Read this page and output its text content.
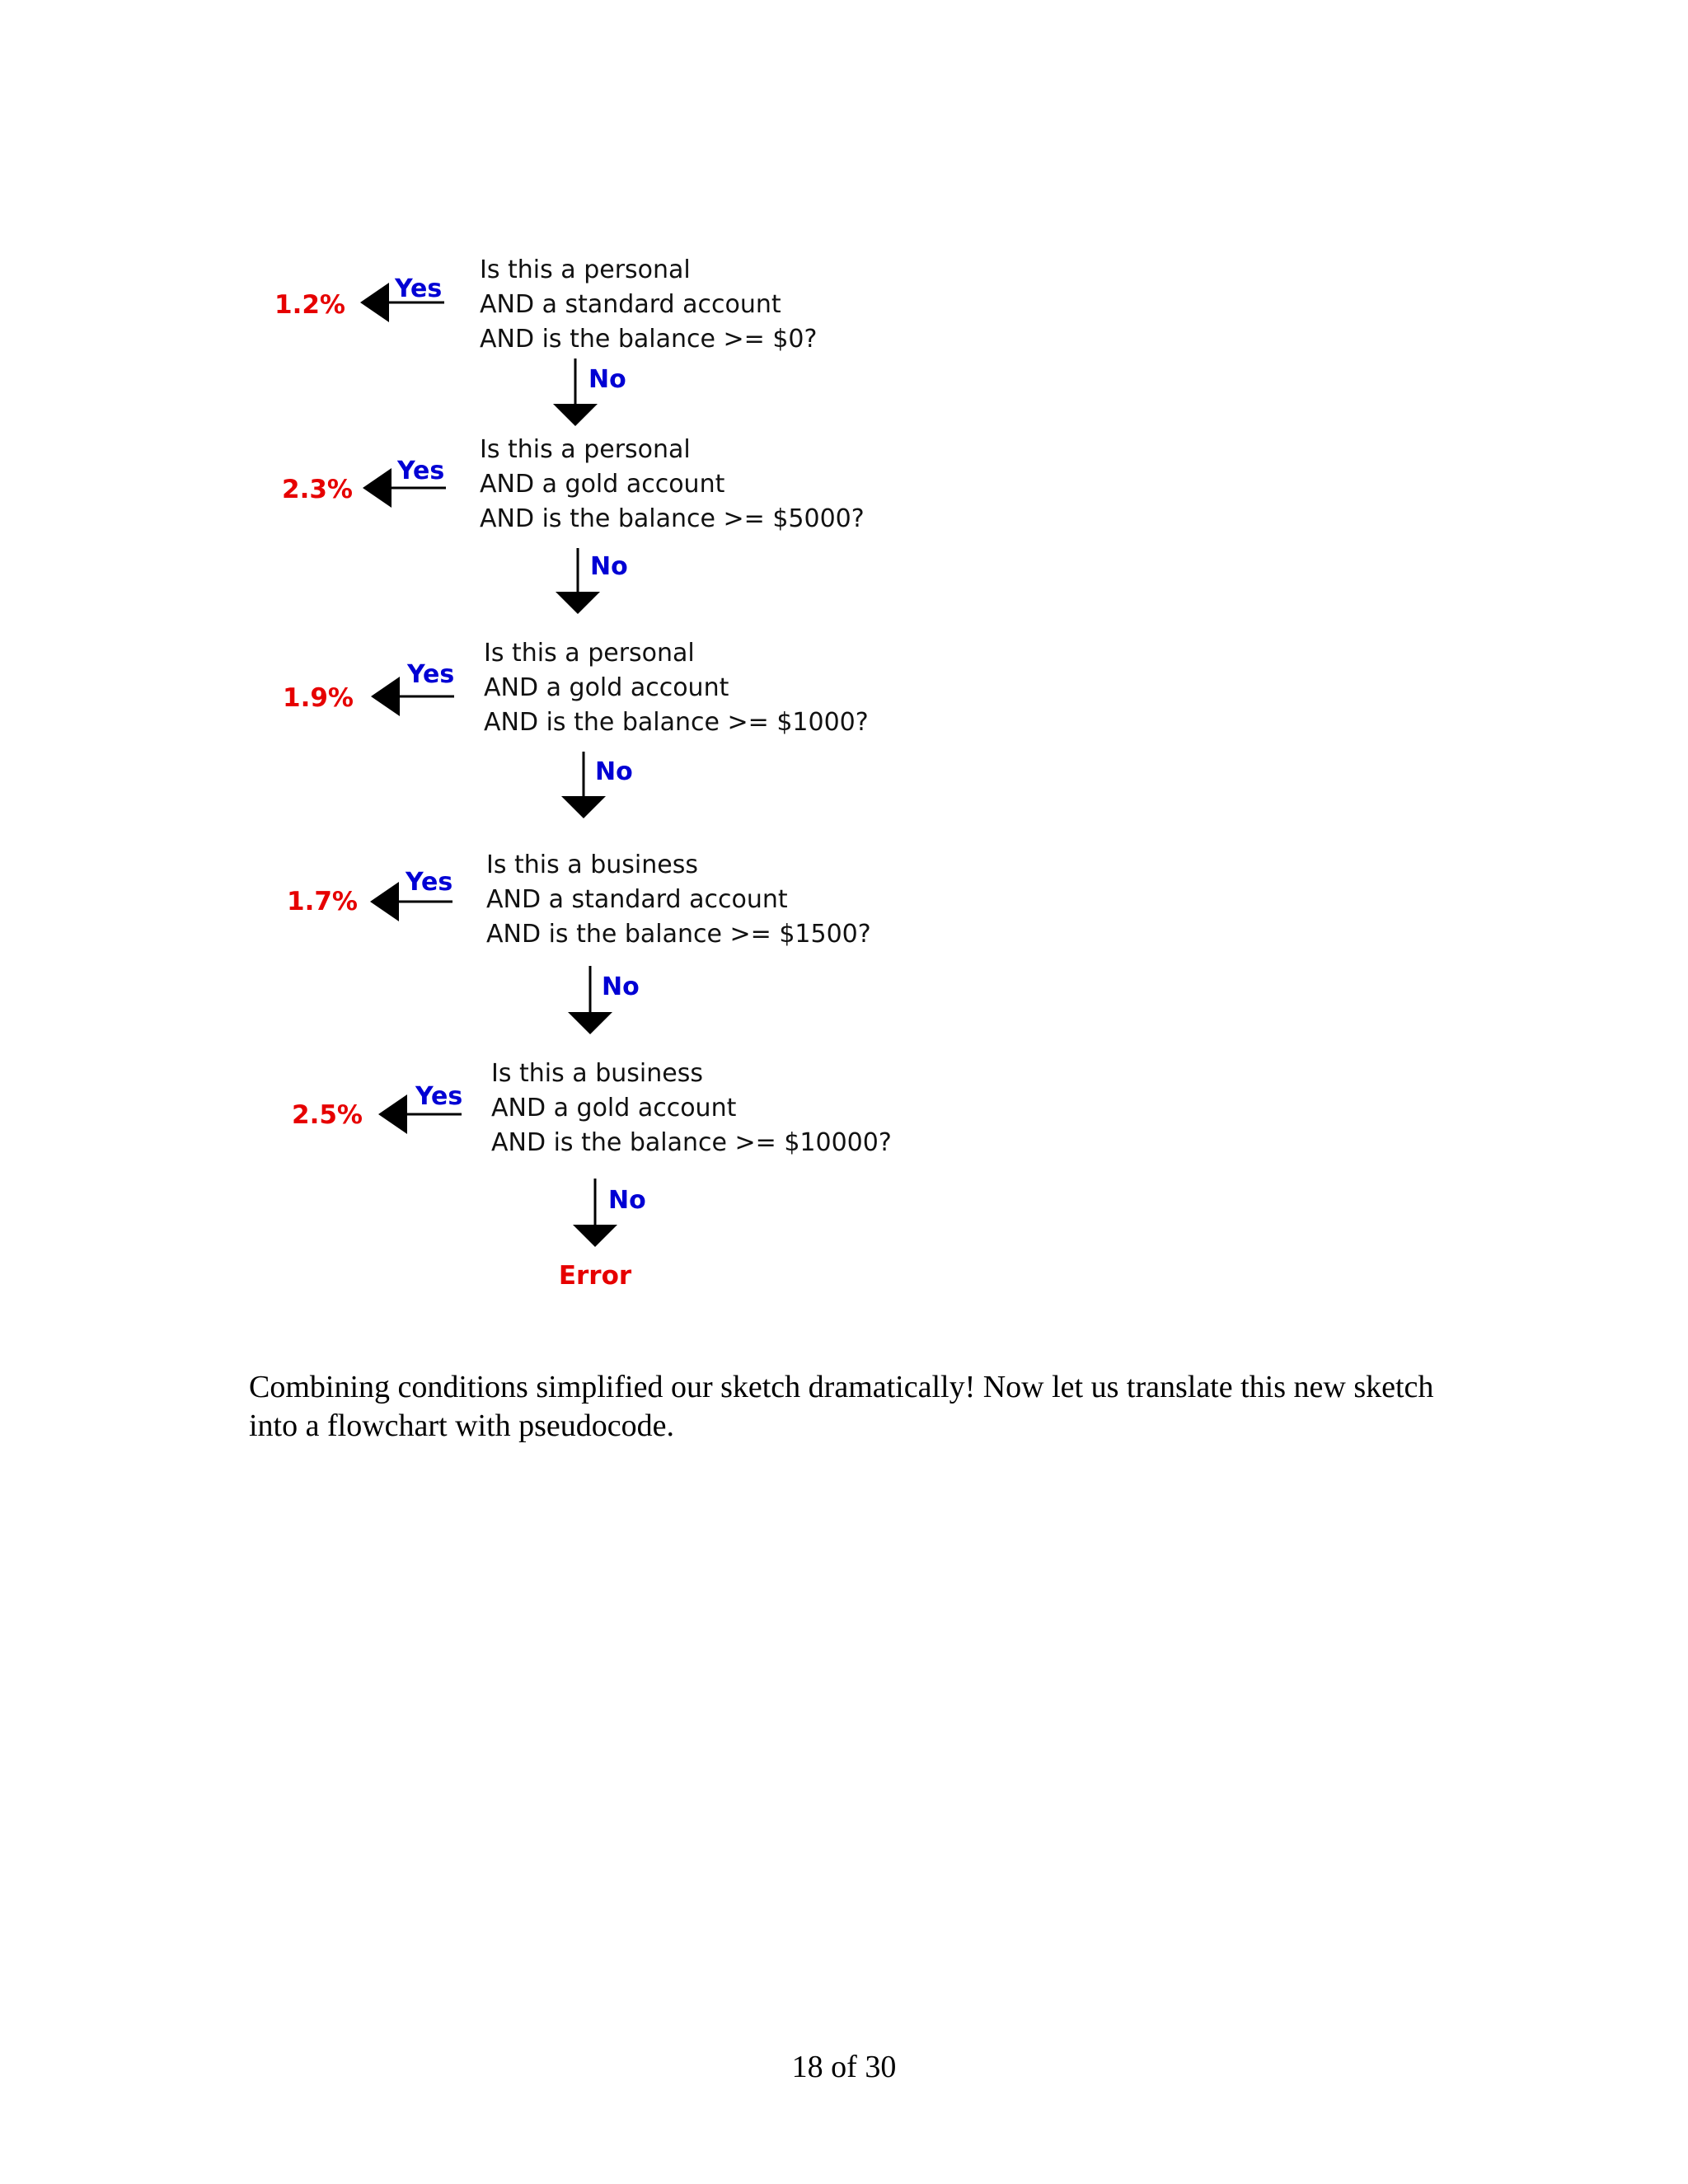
1.2%
Yes
Is this a personal
AND a standard account
AND is the balance >= $0?
No
2.3%
Yes
Is this a personal
AND a gold account
AND is the balance >= $5000?
No
1.9%
Yes
Is this a personal
AND a gold account
AND is the balance >= $1000?
No
1.7%
Yes
Is this a business
AND a standard account
AND is the balance >= $1500?
No
2.5%
Yes
Is this a business
AND a gold account
AND is the balance >= $10000?
No
Error

Combining conditions simplified our sketch dramatically! Now let us translate this new sketch into a flowchart with pseudocode.

18 of 30
